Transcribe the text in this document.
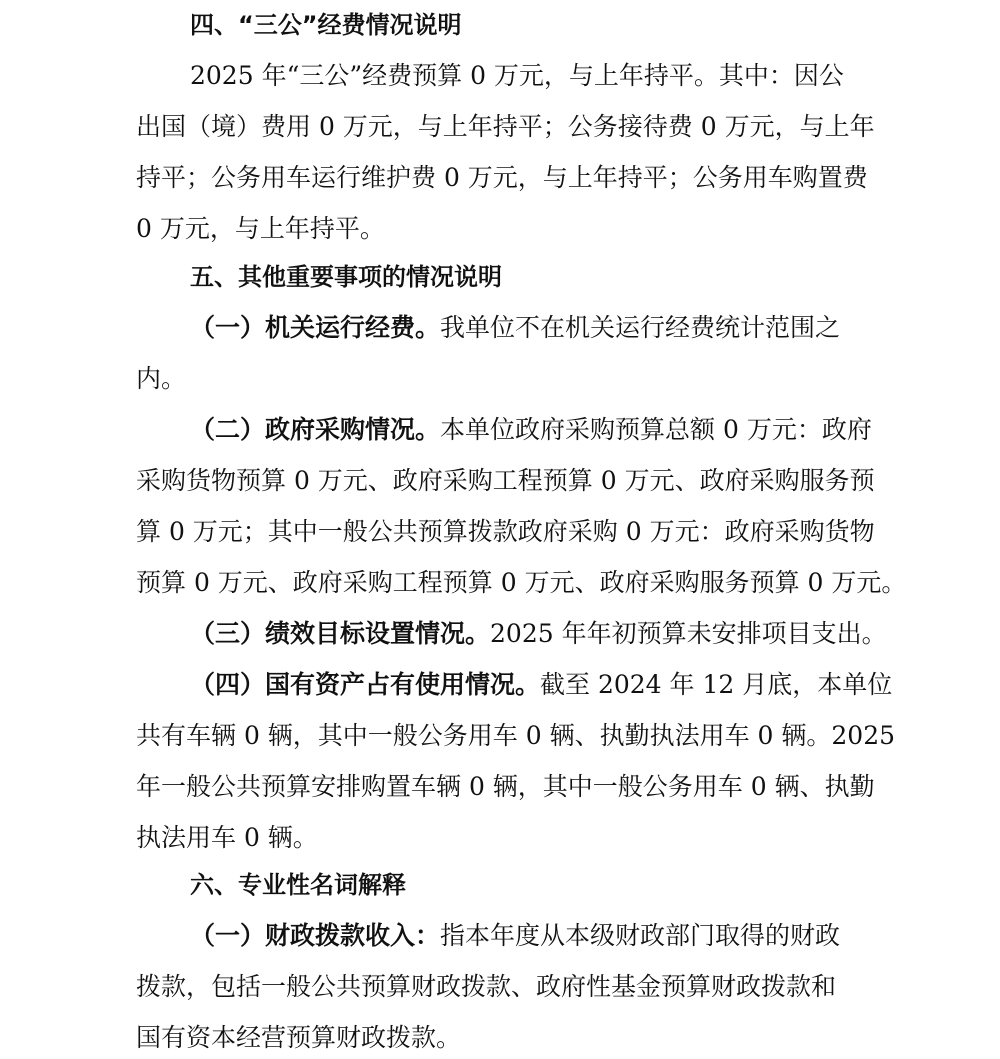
四、“三公”经费情况说明
2025 年“三公”经费预算 0 万元，与上年持平。其中：因公
出国（境）费用 0 万元，与上年持平；公务接待费 0 万元，与上年
持平；公务用车运行维护费 0 万元，与上年持平；公务用车购置费
0 万元，与上年持平。
五、其他重要事项的情况说明
（一）机关运行经费。我单位不在机关运行经费统计范围之
内。
（二）政府采购情况。本单位政府采购预算总额 0 万元：政府
采购货物预算 0 万元、政府采购工程预算 0 万元、政府采购服务预
算 0 万元；其中一般公共预算拨款政府采购 0 万元：政府采购货物
预算 0 万元、政府采购工程预算 0 万元、政府采购服务预算 0 万元。
（三）绩效目标设置情况。2025 年年初预算未安排项目支出。
（四）国有资产占有使用情况。截至 2024 年 12 月底，本单位
共有车辆 0 辆，其中一般公务用车 0 辆、执勤执法用车 0 辆。2025
年一般公共预算安排购置车辆 0 辆，其中一般公务用车 0 辆、执勤
执法用车 0 辆。
六、专业性名词解释
（一）财政拨款收入：指本年度从本级财政部门取得的财政
拨款，包括一般公共预算财政拨款、政府性基金预算财政拨款和
国有资本经营预算财政拨款。
